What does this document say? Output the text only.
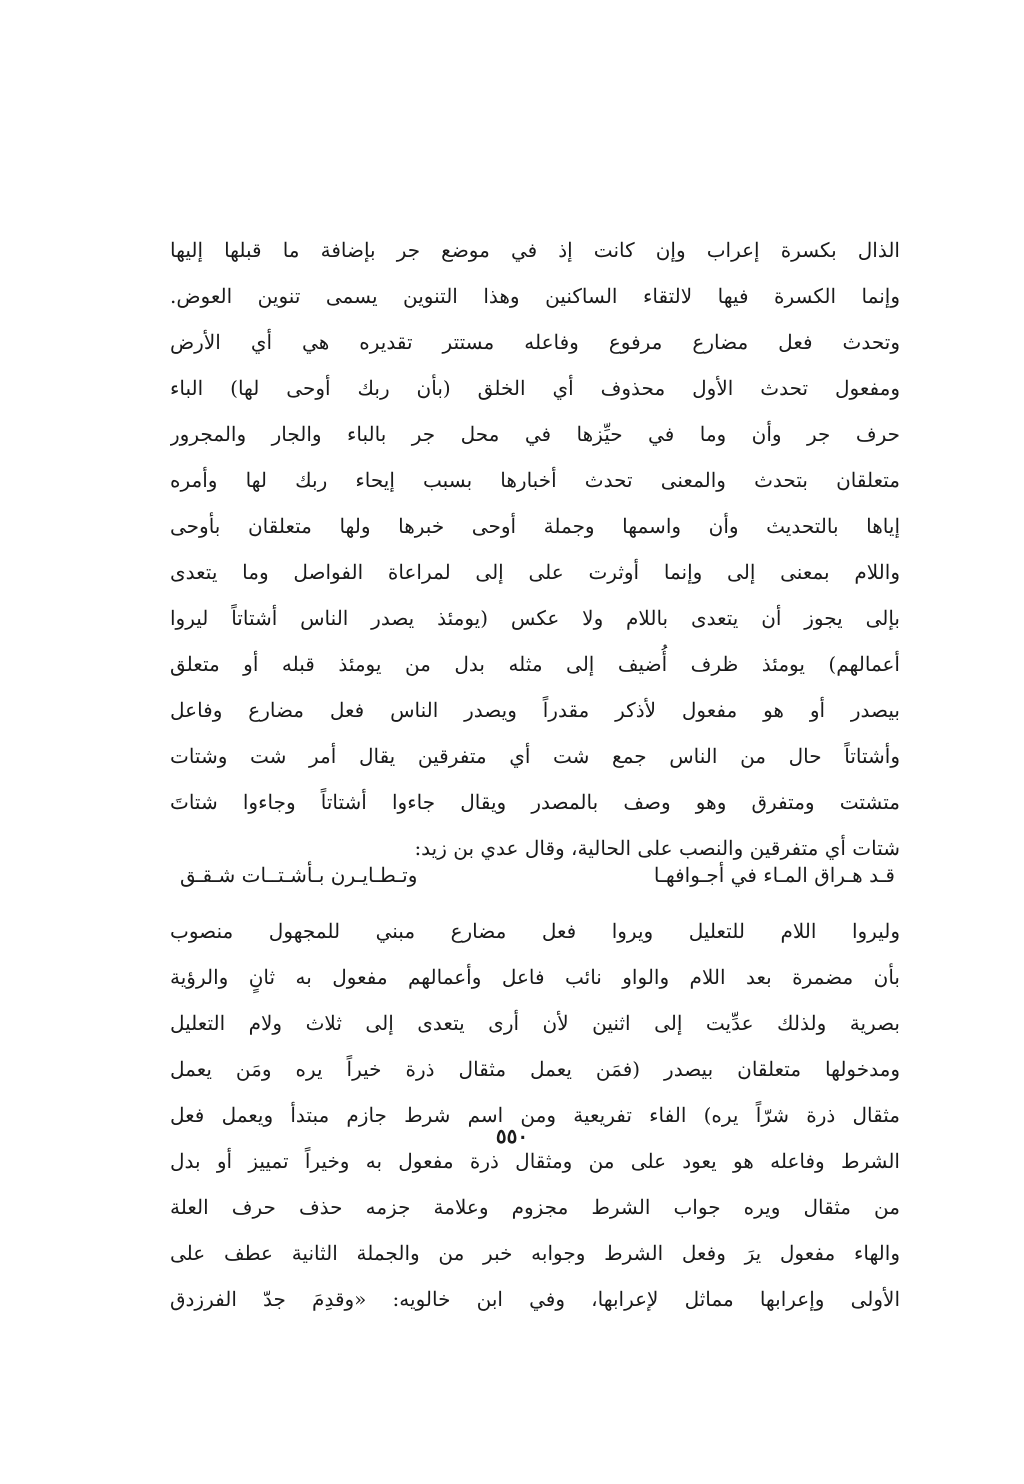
الذال بكسرة إعراب وإن كانت إذ في موضع جر بإضافة ما قبلها إليها
وإنما الكسرة فيها لالتقاء الساكنين وهذا التنوين يسمى تنوين العوض.
وتحدث فعل مضارع مرفوع وفاعله مستتر تقديره هي أي الأرض
ومفعول تحدث الأول محذوف أي الخلق (بأن ربك أوحى لها) الباء
حرف جر وأن وما في حيِّزها في محل جر بالباء والجار والمجرور
متعلقان بتحدث والمعنى تحدث أخبارها بسبب إيحاء ربك لها وأمره
إياها بالتحديث وأن واسمها وجملة أوحى خبرها ولها متعلقان بأوحى
واللام بمعنى إلى وإنما أوثرت على إلى لمراعاة الفواصل وما يتعدى
بإلى يجوز أن يتعدى باللام ولا عكس (يومئذ يصدر الناس أشتاتاً ليروا
أعمالهم) يومئذ ظرف أُضيف إلى مثله بدل من يومئذ قبله أو متعلق
بيصدر أو هو مفعول لأذكر مقدراً ويصدر الناس فعل مضارع وفاعل
وأشتاتاً حال من الناس جمع شت أي متفرقين يقال أمر شت وشتات
متشتت ومتفرق وهو وصف بالمصدر ويقال جاءوا أشتاتاً وجاءوا شتاتَ
شتات أي متفرقين والنصب على الحالية، وقال عدي بن زيد:
قـد هـراق المـاء في أجـوافهـا
وتـطـايـرن بـأشـتــات شـقـق
وليروا اللام للتعليل ويروا فعل مضارع مبني للمجهول منصوب
بأن مضمرة بعد اللام والواو نائب فاعل وأعمالهم مفعول به ثانٍ والرؤية
بصرية ولذلك عدِّيت إلى اثنين لأن أرى يتعدى إلى ثلاث ولام التعليل
ومدخولها متعلقان بيصدر (فمَن يعمل مثقال ذرة خيراً يره ومَن يعمل
مثقال ذرة شرّاً يره) الفاء تفريعية ومن اسم شرط جازم مبتدأ ويعمل فعل
الشرط وفاعله هو يعود على من ومثقال ذرة مفعول به وخيراً تمييز أو بدل
من مثقال ويره جواب الشرط مجزوم وعلامة جزمه حذف حرف العلة
والهاء مفعول يرَ وفعل الشرط وجوابه خبر من والجملة الثانية عطف على
الأولى وإعرابها مماثل لإعرابها، وفي ابن خالويه: «وقدِمَ جدّ الفرزدق
٥٥٠
